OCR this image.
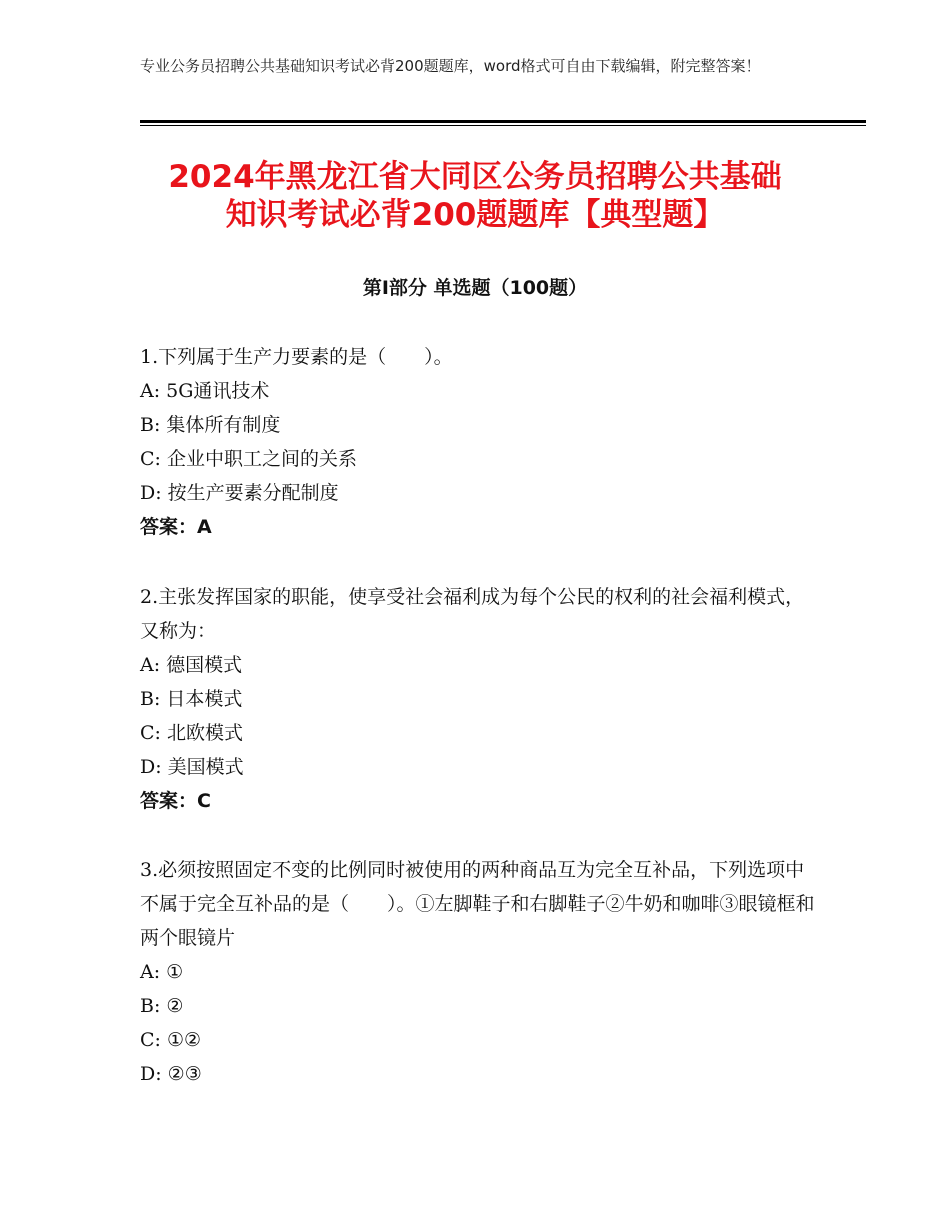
专业公务员招聘公共基础知识考试必背200题题库，word格式可自由下载编辑，附完整答案！
2024年黑龙江省大同区公务员招聘公共基础
知识考试必背200题题库【典型题】
第Ⅰ部分 单选题（100题）
1.下列属于生产力要素的是（　　）。
A: 5G通讯技术
B: 集体所有制度
C: 企业中职工之间的关系
D: 按生产要素分配制度
答案：A
2.主张发挥国家的职能，使享受社会福利成为每个公民的权利的社会福利模式，又称为：
A: 德国模式
B: 日本模式
C: 北欧模式
D: 美国模式
答案：C
3.必须按照固定不变的比例同时被使用的两种商品互为完全互补品，下列选项中不属于完全互补品的是（　　）。①左脚鞋子和右脚鞋子②牛奶和咖啡③眼镜框和两个眼镜片
A: ①
B: ②
C: ①②
D: ②③
